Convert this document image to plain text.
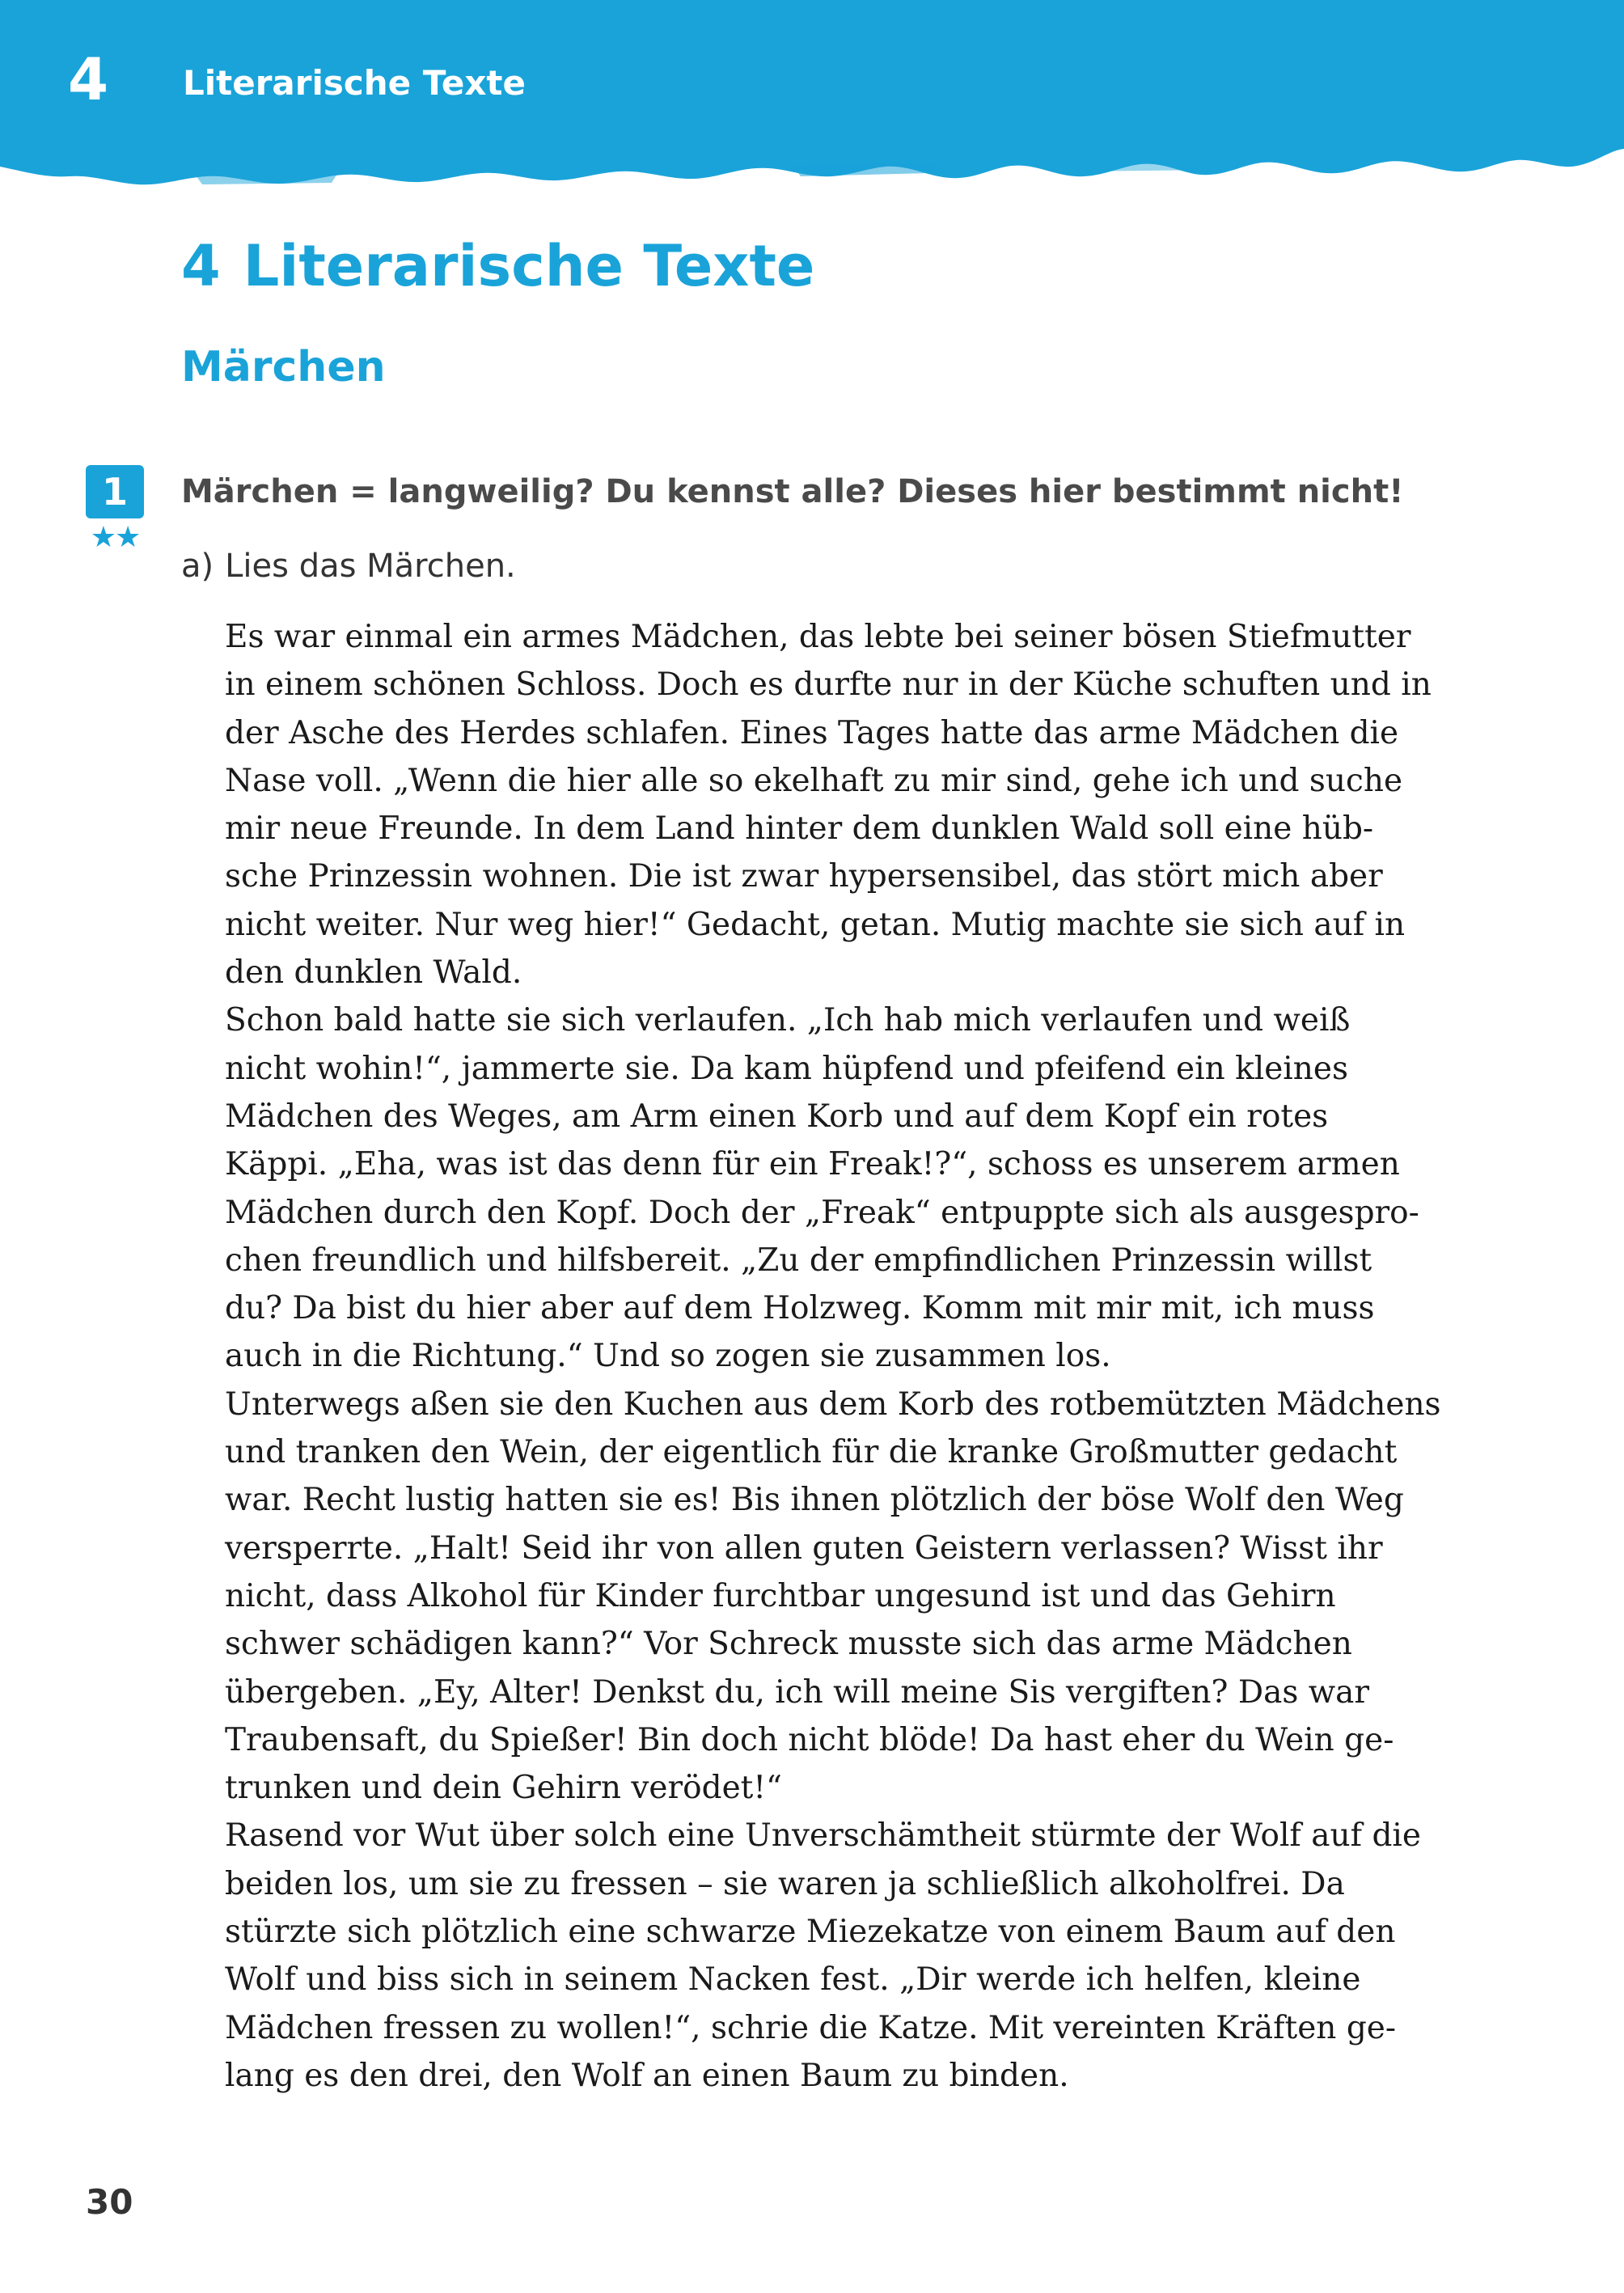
4 Literarische Texte
4 Literarische Texte
Märchen
1
★★
Märchen = langweilig? Du kennst alle? Dieses hier bestimmt nicht!
a) Lies das Märchen.
Es war einmal ein armes Mädchen, das lebte bei seiner bösen Stiefmutter
in einem schönen Schloss. Doch es durfte nur in der Küche schuften und in
der Asche des Herdes schlafen. Eines Tages hatte das arme Mädchen die
Nase voll. „Wenn die hier alle so ekelhaft zu mir sind, gehe ich und suche
mir neue Freunde. In dem Land hinter dem dunklen Wald soll eine hüb-
sche Prinzessin wohnen. Die ist zwar hypersensibel, das stört mich aber
nicht weiter. Nur weg hier!“ Gedacht, getan. Mutig machte sie sich auf in
den dunklen Wald.
Schon bald hatte sie sich verlaufen. „Ich hab mich verlaufen und weiß
nicht wohin!“, jammerte sie. Da kam hüpfend und pfeifend ein kleines
Mädchen des Weges, am Arm einen Korb und auf dem Kopf ein rotes
Käppi. „Eha, was ist das denn für ein Freak!?“, schoss es unserem armen
Mädchen durch den Kopf. Doch der „Freak“ entpuppte sich als ausgespro-
chen freundlich und hilfsbereit. „Zu der empfindlichen Prinzessin willst
du? Da bist du hier aber auf dem Holzweg. Komm mit mir mit, ich muss
auch in die Richtung.“ Und so zogen sie zusammen los.
Unterwegs aßen sie den Kuchen aus dem Korb des rotbemützten Mädchens
und tranken den Wein, der eigentlich für die kranke Großmutter gedacht
war. Recht lustig hatten sie es! Bis ihnen plötzlich der böse Wolf den Weg
versperrte. „Halt! Seid ihr von allen guten Geistern verlassen? Wisst ihr
nicht, dass Alkohol für Kinder furchtbar ungesund ist und das Gehirn
schwer schädigen kann?“ Vor Schreck musste sich das arme Mädchen
übergeben. „Ey, Alter! Denkst du, ich will meine Sis vergiften? Das war
Traubensaft, du Spießer! Bin doch nicht blöde! Da hast eher du Wein ge-
trunken und dein Gehirn verödet!“
Rasend vor Wut über solch eine Unverschämtheit stürmte der Wolf auf die
beiden los, um sie zu fressen – sie waren ja schließlich alkoholfrei. Da
stürzte sich plötzlich eine schwarze Miezekatze von einem Baum auf den
Wolf und biss sich in seinem Nacken fest. „Dir werde ich helfen, kleine
Mädchen fressen zu wollen!“, schrie die Katze. Mit vereinten Kräften ge-
lang es den drei, den Wolf an einen Baum zu binden.
30
